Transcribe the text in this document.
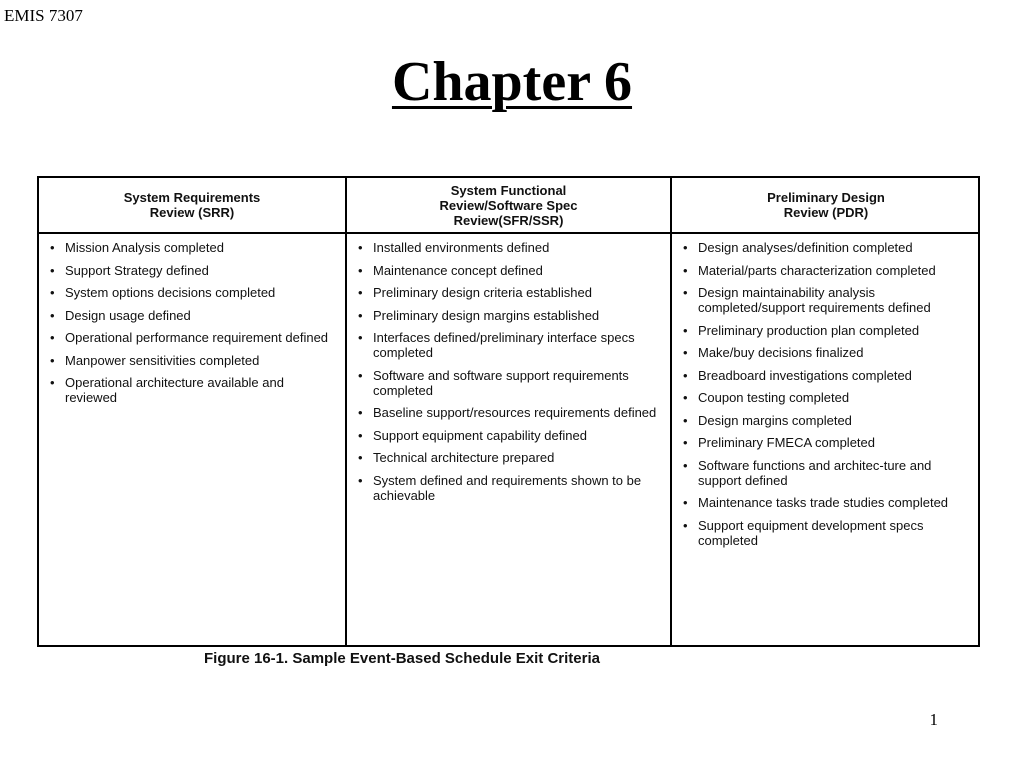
EMIS 7307
Chapter 6
System Requirements
Review (SRR)
System Functional
Review/Software Spec
Review(SFR/SSR)
Preliminary Design
Review (PDR)
• Mission Analysis completed
• Support Strategy defined
• System options decisions completed
• Design usage defined
• Operational performance requirement defined
• Manpower sensitivities completed
• Operational architecture available and reviewed
• Installed environments defined
• Maintenance concept defined
• Preliminary design criteria established
• Preliminary design margins established
• Interfaces defined/preliminary interface specs completed
• Software and software support requirements completed
• Baseline support/resources requirements defined
• Support equipment capability defined
• Technical architecture prepared
• System defined and requirements shown to be achievable
• Design analyses/definition completed
• Material/parts characterization completed
• Design maintainability analysis completed/support requirements defined
• Preliminary production plan completed
• Make/buy decisions finalized
• Breadboard investigations completed
• Coupon testing completed
• Design margins completed
• Preliminary FMECA completed
• Software functions and architec-ture and support defined
• Maintenance tasks trade studies completed
• Support equipment development specs completed
Figure 16-1. Sample Event-Based Schedule Exit Criteria
1
